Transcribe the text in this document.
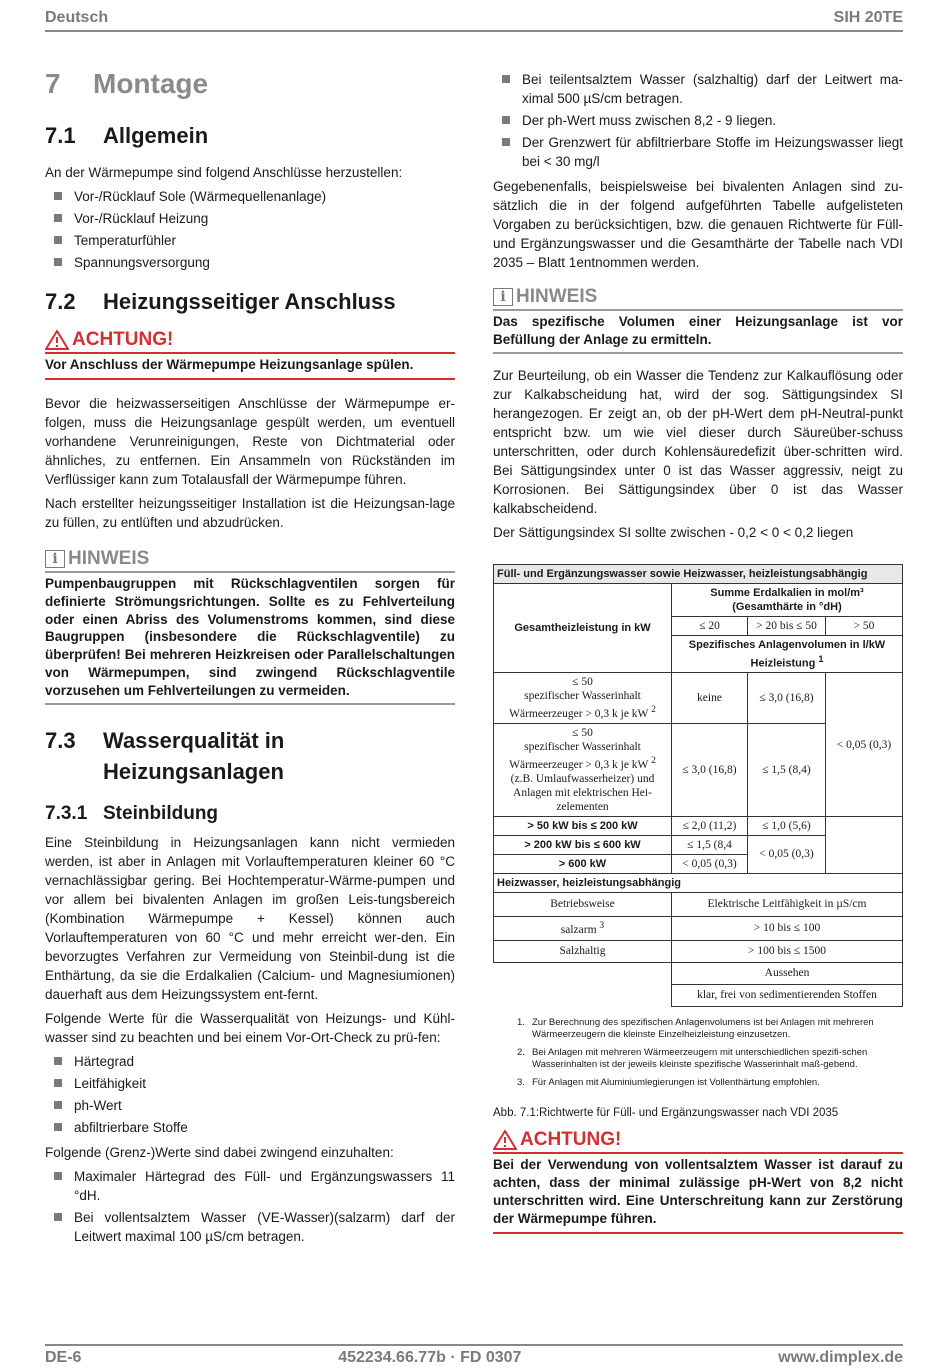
Deutsch	SIH 20TE
7	Montage
7.1	Allgemein

An der Wärmepumpe sind folgend Anschlüsse herzustellen:

Vor-/Rücklauf Sole (Wärmequellenanlage)
Vor-/Rücklauf Heizung
Temperaturfühler
Spannungsversorgung
7.2	Heizungsseitiger Anschluss
ACHTUNG!
Vor Anschluss der Wärmepumpe Heizungsanlage spülen.

Bevor die heizwasserseitigen Anschlüsse der Wärmepumpe er-folgen, muss die Heizungsanlage gespült werden, um eventuell vorhandene Verunreinigungen, Reste von Dichtmaterial oder ähnliches, zu entfernen. Ein Ansammeln von Rückständen im Verflüssiger kann zum Totalausfall der Wärmepumpe führen.

Nach erstellter heizungsseitiger Installation ist die Heizungsan-lage zu füllen, zu entlüften und abzudrücken.

i HINWEIS
Pumpenbaugruppen mit Rückschlagventilen sorgen für definierte Strömungsrichtungen. Sollte es zu Fehlverteilung oder einen Abriss des Volumenstroms kommen, sind diese Baugruppen (insbesondere die Rückschlagventile) zu überprüfen! Bei mehreren Heizkreisen oder Parallelschaltungen von Wärmepumpen, sind zwingend Rückschlagventile vorzusehen um Fehlverteilungen zu vermeiden.
7.3	Wasserqualität in Heizungsanlagen
7.3.1 Steinbildung

Eine Steinbildung in Heizungsanlagen kann nicht vermieden werden, ist aber in Anlagen mit Vorlauftemperaturen kleiner 60 °C vernachlässigbar gering. Bei Hochtemperatur-Wärme-pumpen und vor allem bei bivalenten Anlagen im großen Leis-tungsbereich (Kombination Wärmepumpe + Kessel) können auch Vorlauftemperaturen von 60 °C und mehr erreicht wer-den. Ein bevorzugtes Verfahren zur Vermeidung von Steinbil-dung ist die Enthärtung, da sie die Erdalkalien (Calcium- und Magnesiumionen) dauerhaft aus dem Heizungssystem ent-fernt.

Folgende Werte für die Wasserqualität von Heizungs- und Kühl-wasser sind zu beachten und bei einem Vor-Ort-Check zu prü-fen:

Härtegrad
Leitfähigkeit
ph-Wert
abfiltrierbare Stoffe

Folgende (Grenz-)Werte sind dabei zwingend einzuhalten:

Maximaler Härtegrad des Füll- und Ergänzungswassers 11 °dH.
Bei vollentsalztem Wasser (VE-Wasser)(salzarm) darf der Leitwert maximal 100 µS/cm betragen.
Bei teilentsalztem Wasser (salzhaltig) darf der Leitwert ma-ximal 500 µS/cm betragen.
Der ph-Wert muss zwischen 8,2 - 9 liegen.
Der Grenzwert für abfiltrierbare Stoffe im Heizungswasser liegt bei < 30 mg/l

Gegebenenfalls, beispielsweise bei bivalenten Anlagen sind zu-sätzlich die in der folgend aufgeführten Tabelle aufgelisteten Vorgaben zu berücksichtigen, bzw. die genauen Richtwerte für Füll- und Ergänzungswasser und die Gesamthärte der Tabelle nach VDI 2035 – Blatt 1entnommen werden.

i HINWEIS
Das spezifische Volumen einer Heizungsanlage ist vor Befüllung der Anlage zu ermitteln.

Zur Beurteilung, ob ein Wasser die Tendenz zur Kalkauflösung oder zur Kalkabscheidung hat, wird der sog. Sättigungsindex SI herangezogen. Er zeigt an, ob der pH-Wert dem pH-Neutral-punkt entspricht bzw. um wie viel dieser durch Säureüber-schuss unterschritten, oder durch Kohlensäuredefizit über-schritten wird. Bei Sättigungsindex unter 0 ist das Wasser aggressiv, neigt zu Korrosionen. Bei Sättigungsindex über 0 ist das Wasser kalkabscheidend.

Der Sättigungsindex SI sollte zwischen - 0,2 < 0 < 0,2 liegen

Füll- und Ergänzungswasser sowie Heizwasser, heizleistungsabhängig			
Gesamtheizleistung in kW	Summe Erdalkalien in mol/m³ (Gesamthärte in °dH)		
	≤ 20	> 20 bis ≤ 50	> 50
	Spezifisches Anlagenvolumen in l/kW Heizleistung $^1$

≤ 50
spezifischer Wasserinhalt
Wärmeerzeuger > 0,3 k je kW $^2$	keine	≤ 3,0 (16,8)	< 0,05 (0,3)

≤ 50
spezifischer Wasserinhalt
Wärmeerzeuger > 0,3 k je kW $^2$
(z.B. Umlaufwasserheizer) und Anlagen mit elektrischen Hei-zelementen	≤ 3,0 (16,8)	≤ 1,5 (8,4)	
> 50 kW bis ≤ 200 kW	≤ 2,0 (11,2)	≤ 1,0 (5,6)	
> 200 kW bis ≤ 600 kW	≤ 1,5 (8,4	< 0,05 (0,3)	
> 600 kW	< 0,05 (0,3)		
Heizwasser, heizleistungsabhängig			
Betriebsweise	Elektrische Leitfähigkeit in µS/cm		
salzarm $^3$	> 10 bis ≤ 100		
Salzhaltig	> 100 bis ≤ 1500		
	Aussehen		
	klar, frei von sedimentierenden Stoffen		
1. Zur Berechnung des spezifischen Anlagenvolumens ist bei Anlagen mit mehreren Wärmeerzeugern die kleinste Einzelheizleistung einzusetzen.
2. Bei Anlagen mit mehreren Wärmeerzeugern mit unterschiedlichen spezifi-schen Wasserinhalten ist der jeweils kleinste spezifische Wasserinhalt maß-gebend.
3. Für Anlagen mit Aluminiumlegierungen ist Vollenthärtung empfohlen.
Abb. 7.1:Richtwerte für Füll- und Ergänzungswasser nach VDI 2035
ACHTUNG!
Bei der Verwendung von vollentsalztem Wasser ist darauf zu achten, dass der minimal zulässige pH-Wert von 8,2 nicht unterschritten wird. Eine Unterschreitung kann zur Zerstörung der Wärmepumpe führen.
DE-6	452234.66.77b · FD 0307	www.dimplex.de
